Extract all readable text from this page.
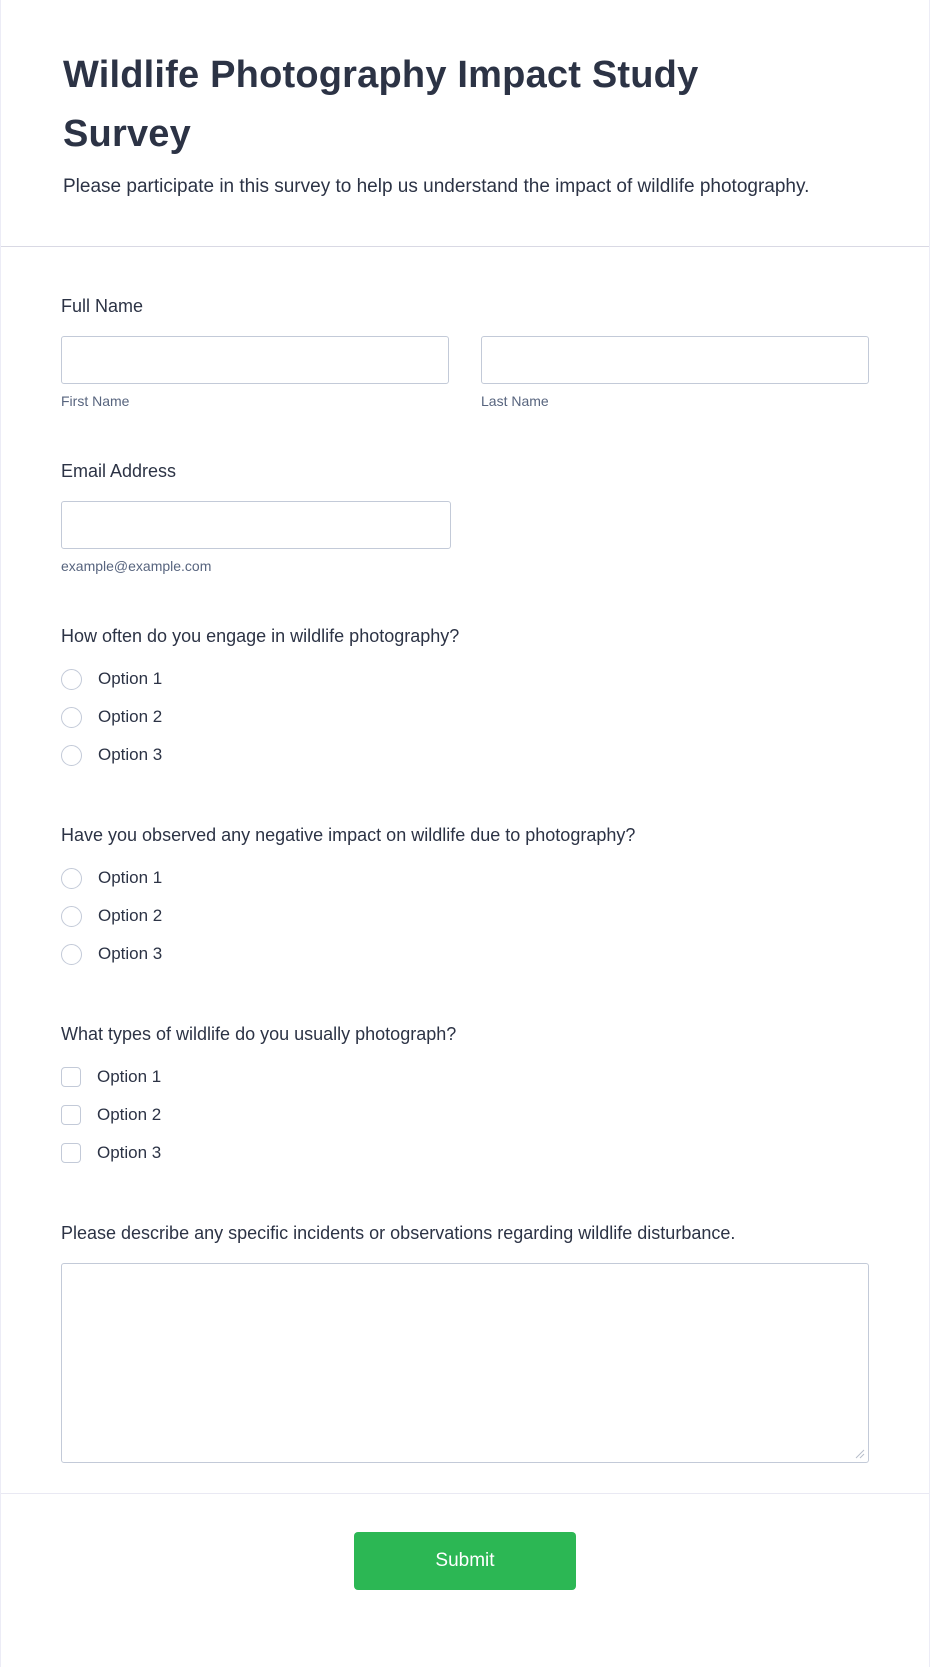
Wildlife Photography Impact Study Survey
Please participate in this survey to help us understand the impact of wildlife photography.
Full Name
First Name	Last Name
Email Address
example@example.com
How often do you engage in wildlife photography?
Option 1
Option 2
Option 3
Have you observed any negative impact on wildlife due to photography?
Option 1
Option 2
Option 3
What types of wildlife do you usually photograph?
Option 1
Option 2
Option 3
Please describe any specific incidents or observations regarding wildlife disturbance.
Submit
